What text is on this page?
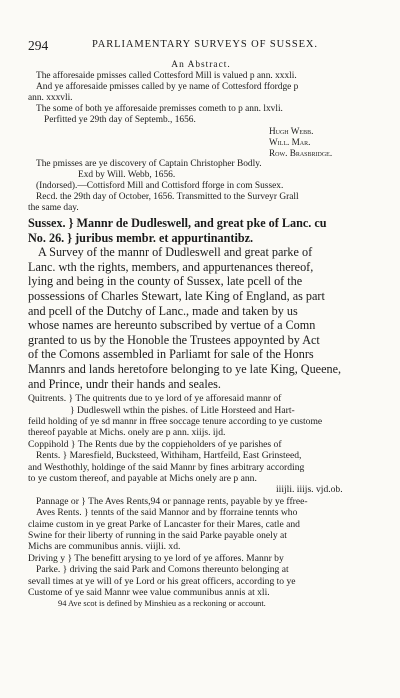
294	PARLIAMENTARY SURVEYS OF SUSSEX.
An Abstract.
The afforesaide pmisses called Cottesford Mill is valued p ann. xxxli.
And ye afforesaide pmisses called by ye name of Cottesford ffordge p
ann. xxxvli.
The some of both ye afforesaide premisses cometh to p ann. lxvli.
Perfitted ye 29th day of Septemb., 1656.
Hugh Webb.
Will. Mar.
Row. Brasbridge.
The pmisses are ye discovery of Captain Christopher Bodly.
Exd by Will. Webb, 1656.
(Indorsed).—Cottisford Mill and Cottisford fforge in com Sussex.
Recd. the 29th day of October, 1656. Transmitted to the Surveyr Grall
the same day.
Sussex. } Mannr de Dudleswell, and great pke of Lanc. cu
No. 26. } juribus membr. et appurtinantibz.
A Survey of the mannr of Dudleswell and great parke of
Lanc. wth the rights, members, and appurtenances thereof,
lying and being in the county of Sussex, late pcell of the
possessions of Charles Stewart, late King of England, as part
and pcell of the Dutchy of Lanc., made and taken by us
whose names are hereunto subscribed by vertue of a Comn
granted to us by the Honoble the Trustees appoynted by Act
of the Comons assembled in Parliamt for sale of the Honrs
Mannrs and lands heretofore belonging to ye late King, Queene,
and Prince, undr their hands and seales.
Quitrents. } The quitrents due to ye lord of ye afforesaid mannr of
} Dudleswell wthin the pishes. of Litle Horsteed and Hart-
feild holding of ye sd mannr in ffree soccage tenure according to ye custome
thereof payable at Michs. onely are p ann. xiijs. ijd.
Coppihold } The Rents due by the coppieholders of ye parishes of
Rents. } Maresfield, Bucksteed, Withiham, Hartfeild, East Grinsteed,
and Westhothly, holdinge of the said Mannr by fines arbitrary according
to ye custom thereof, and payable at Michs onely are p ann.
iiijli. iiijs. vjd.ob.
Pannage or } The Aves Rents,94 or pannage rents, payable by ye ffree-
Aves Rents. } tennts of the said Mannor and by fforraine tennts who
claime custom in ye great Parke of Lancaster for their Mares, catle and
Swine for their liberty of running in the said Parke payable onely at
Michs are communibus annis. viijli. xd.
Driving y } The benefitt arysing to ye lord of ye affores. Mannr by
Parke. } driving the said Park and Comons thereunto belonging at
sevall times at ye will of ye Lord or his great officers, according to ye
Custome of ye said Mannr wee value communibus annis at xli.
94 Ave scot is defined by Minshieu as a reckoning or account.
